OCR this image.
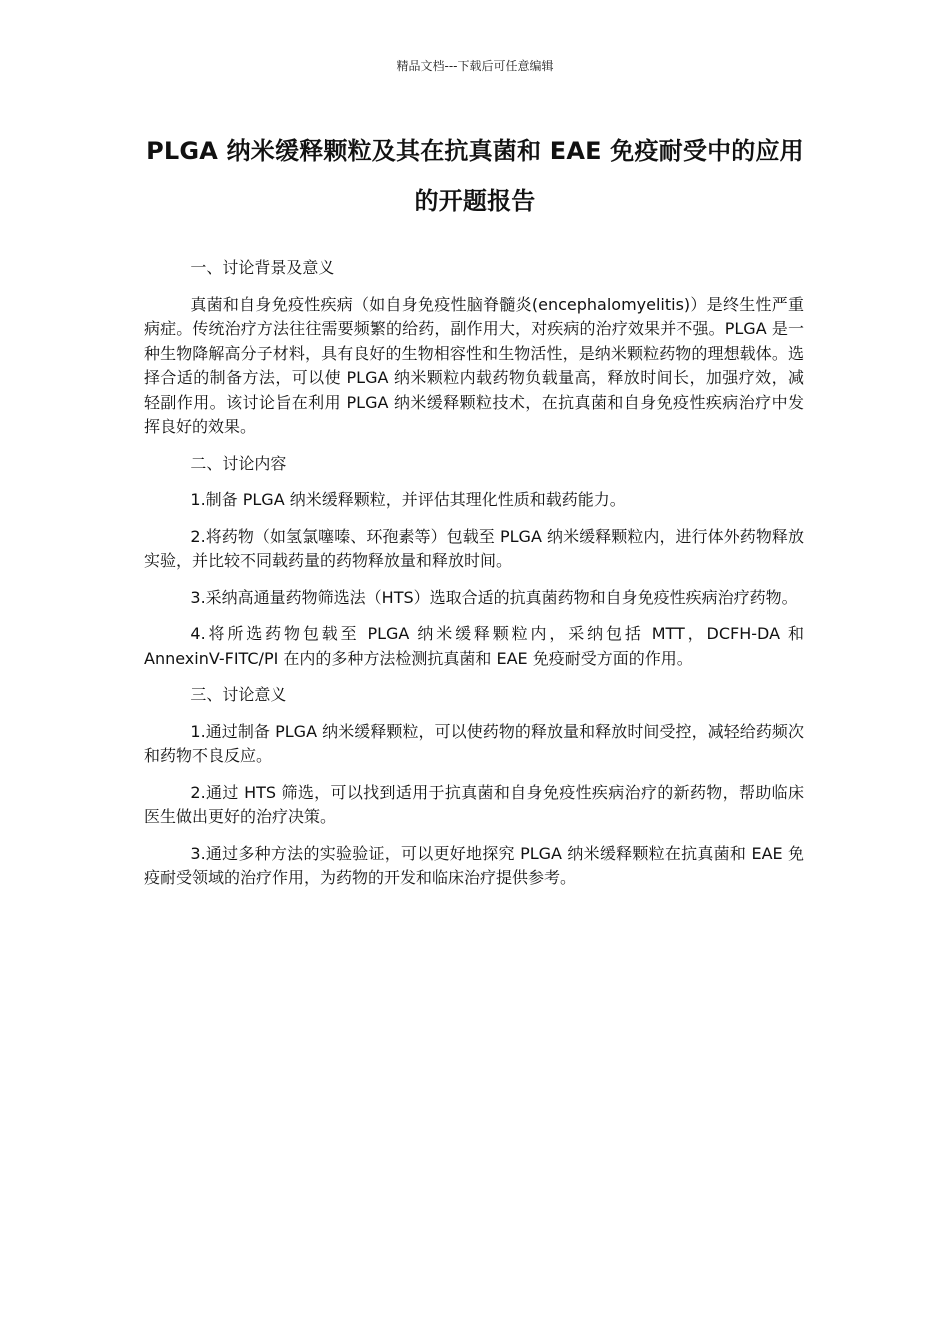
精品文档---下载后可任意编辑
PLGA 纳米缓释颗粒及其在抗真菌和 EAE 免疫耐受中的应用的开题报告

一、讨论背景及意义

真菌和自身免疫性疾病（如自身免疫性脑脊髓炎(encephalomyelitis)）是终生性严重病症。传统治疗方法往往需要频繁的给药，副作用大，对疾病的治疗效果并不强。PLGA 是一种生物降解高分子材料，具有良好的生物相容性和生物活性，是纳米颗粒药物的理想载体。选择合适的制备方法，可以使 PLGA 纳米颗粒内载药物负载量高，释放时间长，加强疗效，减轻副作用。该讨论旨在利用 PLGA 纳米缓释颗粒技术，在抗真菌和自身免疫性疾病治疗中发挥良好的效果。

二、讨论内容

1.制备 PLGA 纳米缓释颗粒，并评估其理化性质和载药能力。

2.将药物（如氢氯噻嗪、环孢素等）包载至 PLGA 纳米缓释颗粒内，进行体外药物释放实验，并比较不同载药量的药物释放量和释放时间。

3.采纳高通量药物筛选法（HTS）选取合适的抗真菌药物和自身免疫性疾病治疗药物。

4.将所选药物包载至 PLGA 纳米缓释颗粒内，采纳包括 MTT，DCFH-DA 和 AnnexinV-FITC/PI 在内的多种方法检测抗真菌和 EAE 免疫耐受方面的作用。

三、讨论意义

1.通过制备 PLGA 纳米缓释颗粒，可以使药物的释放量和释放时间受控，减轻给药频次和药物不良反应。

2.通过 HTS 筛选，可以找到适用于抗真菌和自身免疫性疾病治疗的新药物，帮助临床医生做出更好的治疗决策。

3.通过多种方法的实验验证，可以更好地探究 PLGA 纳米缓释颗粒在抗真菌和 EAE 免疫耐受领域的治疗作用，为药物的开发和临床治疗提供参考。
